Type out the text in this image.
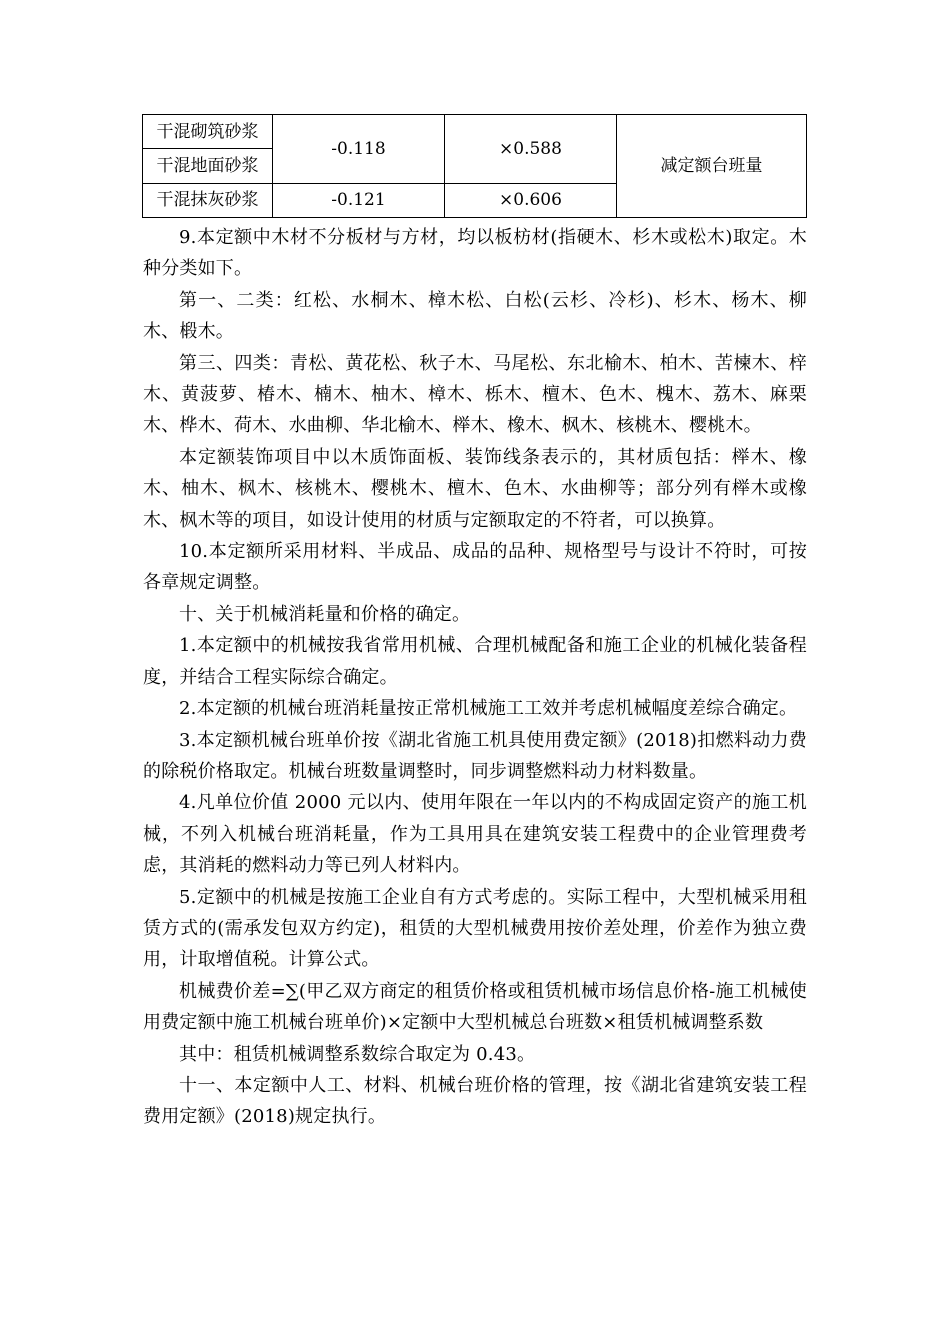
干混砌筑砂浆	-0.118	×0.588	减定额台班量
干混地面砂浆			
干混抹灰砂浆	-0.121	×0.606	

9.本定额中木材不分板材与方材，均以板枋材(指硬木、杉木或松木)取定。木种分类如下。

第一、二类：红松、水桐木、樟木松、白松(云杉、冷杉)、杉木、杨木、柳木、椴木。

第三、四类：青松、黄花松、秋子木、马尾松、东北榆木、柏木、苦楝木、梓木、黄菠萝、椿木、楠木、柚木、樟木、栎木、檀木、色木、槐木、荔木、麻栗木、桦木、荷木、水曲柳、华北榆木、榉木、橡木、枫木、核桃木、樱桃木。

本定额装饰项目中以木质饰面板、装饰线条表示的，其材质包括：榉木、橡木、柚木、枫木、核桃木、樱桃木、檀木、色木、水曲柳等；部分列有榉木或橡木、枫木等的项目，如设计使用的材质与定额取定的不符者，可以换算。

10.本定额所采用材料、半成品、成品的品种、规格型号与设计不符时，可按各章规定调整。

十、关于机械消耗量和价格的确定。

1.本定额中的机械按我省常用机械、合理机械配备和施工企业的机械化装备程度，并结合工程实际综合确定。

2.本定额的机械台班消耗量按正常机械施工工效并考虑机械幅度差综合确定。

3.本定额机械台班单价按《湖北省施工机具使用费定额》(2018)扣燃料动力费的除税价格取定。机械台班数量调整时，同步调整燃料动力材料数量。

4.凡单位价值 2000 元以内、使用年限在一年以内的不构成固定资产的施工机械，不列入机械台班消耗量，作为工具用具在建筑安装工程费中的企业管理费考虑，其消耗的燃料动力等已列人材料内。

5.定额中的机械是按施工企业自有方式考虑的。实际工程中，大型机械采用租赁方式的(需承发包双方约定)，租赁的大型机械费用按价差处理，价差作为独立费用，计取增值税。计算公式。

机械费价差=∑(甲乙双方商定的租赁价格或租赁机械市场信息价格-施工机械使用费定额中施工机械台班单价)×定额中大型机械总台班数×租赁机械调整系数

其中：租赁机械调整系数综合取定为 0.43。

十一、本定额中人工、材料、机械台班价格的管理，按《湖北省建筑安装工程费用定额》(2018)规定执行。
